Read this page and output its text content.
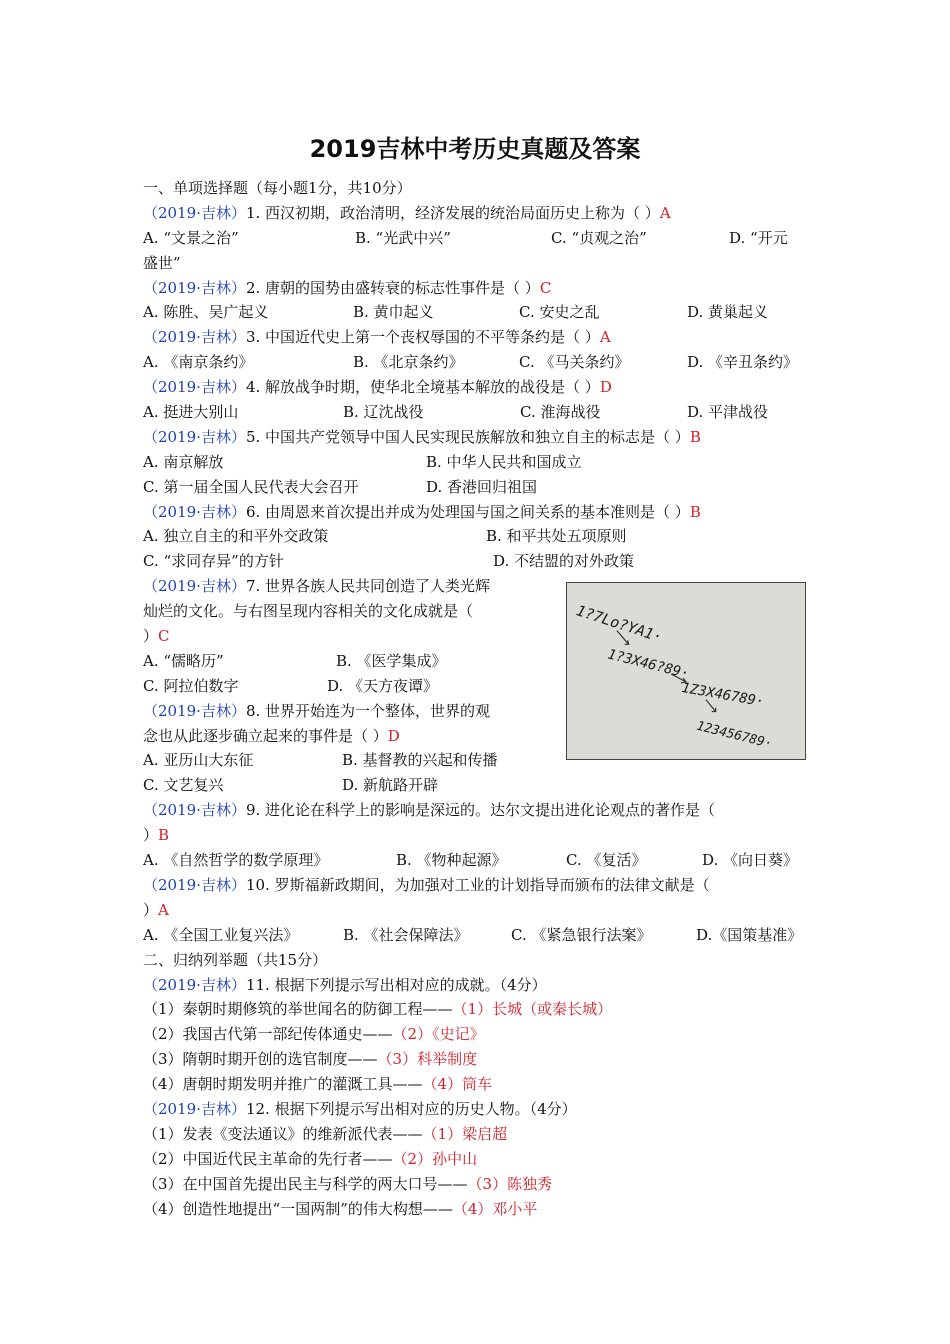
2019吉林中考历史真题及答案
一、单项选择题（每小题1分，共10分）
（2019·吉林）1. 西汉初期，政治清明，经济发展的统治局面历史上称为（ ）A
A. “文景之治”	B. “光武中兴”	C. “贞观之治”	D. “开元
盛世”
（2019·吉林）2. 唐朝的国势由盛转衰的标志性事件是（ ）C
A. 陈胜、吴广起义	B. 黄巾起义	C. 安史之乱	D. 黄巢起义
（2019·吉林）3. 中国近代史上第一个丧权辱国的不平等条约是（ ）A
A. 《南京条约》	B. 《北京条约》	C. 《马关条约》	D. 《辛丑条约》
（2019·吉林）4. 解放战争时期，使华北全境基本解放的战役是（ ）D
A. 挺进大别山	B. 辽沈战役	C. 淮海战役	D. 平津战役
（2019·吉林）5. 中国共产党领导中国人民实现民族解放和独立自主的标志是（ ）B
A. 南京解放	B. 中华人民共和国成立
C. 第一届全国人民代表大会召开	D. 香港回归祖国
（2019·吉林）6. 由周恩来首次提出并成为处理国与国之间关系的基本准则是（ ）B
A. 独立自主的和平外交政策	B. 和平共处五项原则
C. “求同存异”的方针	D. 不结盟的对外政策
（2019·吉林）7. 世界各族人民共同创造了人类光辉
灿烂的文化。与右图呈现内容相关的文化成就是（
）C
A. “儒略历”	B. 《医学集成》
C. 阿拉伯数字	D. 《天方夜谭》
（2019·吉林）8. 世界开始连为一个整体，世界的观
念也从此逐步确立起来的事件是（ ）D
A. 亚历山大东征	B. 基督教的兴起和传播
C. 文艺复兴	D. 新航路开辟
（2019·吉林）9. 进化论在科学上的影响是深远的。达尔文提出进化论观点的著作是（
）B
A. 《自然哲学的数学原理》	B. 《物种起源》	C. 《复活》	D. 《向日葵》
（2019·吉林）10. 罗斯福新政期间，为加强对工业的计划指导而颁布的法律文献是（
）A
A. 《全国工业复兴法》	B. 《社会保障法》	C. 《紧急银行法案》	D.《国策基准》
二、归纳列举题（共15分）
（2019·吉林）11. 根据下列提示写出相对应的成就。（4分）
（1）秦朝时期修筑的举世闻名的防御工程——（1）长城（或秦长城）
（2）我国古代第一部纪传体通史——（2）《史记》
（3）隋朝时期开创的选官制度——（3）科举制度
（4）唐朝时期发明并推广的灌溉工具——（4）筒车
（2019·吉林）12. 根据下列提示写出相对应的历史人物。（4分）
（1）发表《变法通议》的维新派代表——（1）梁启超
（2）中国近代民主革命的先行者——（2）孙中山
（3）在中国首先提出民主与科学的两大口号——（3）陈独秀
（4）创造性地提出“一国两制”的伟大构想——（4）邓小平
1?7Lo?YA1·
1?3X46?89·
1Z3X46789·
123456789·
